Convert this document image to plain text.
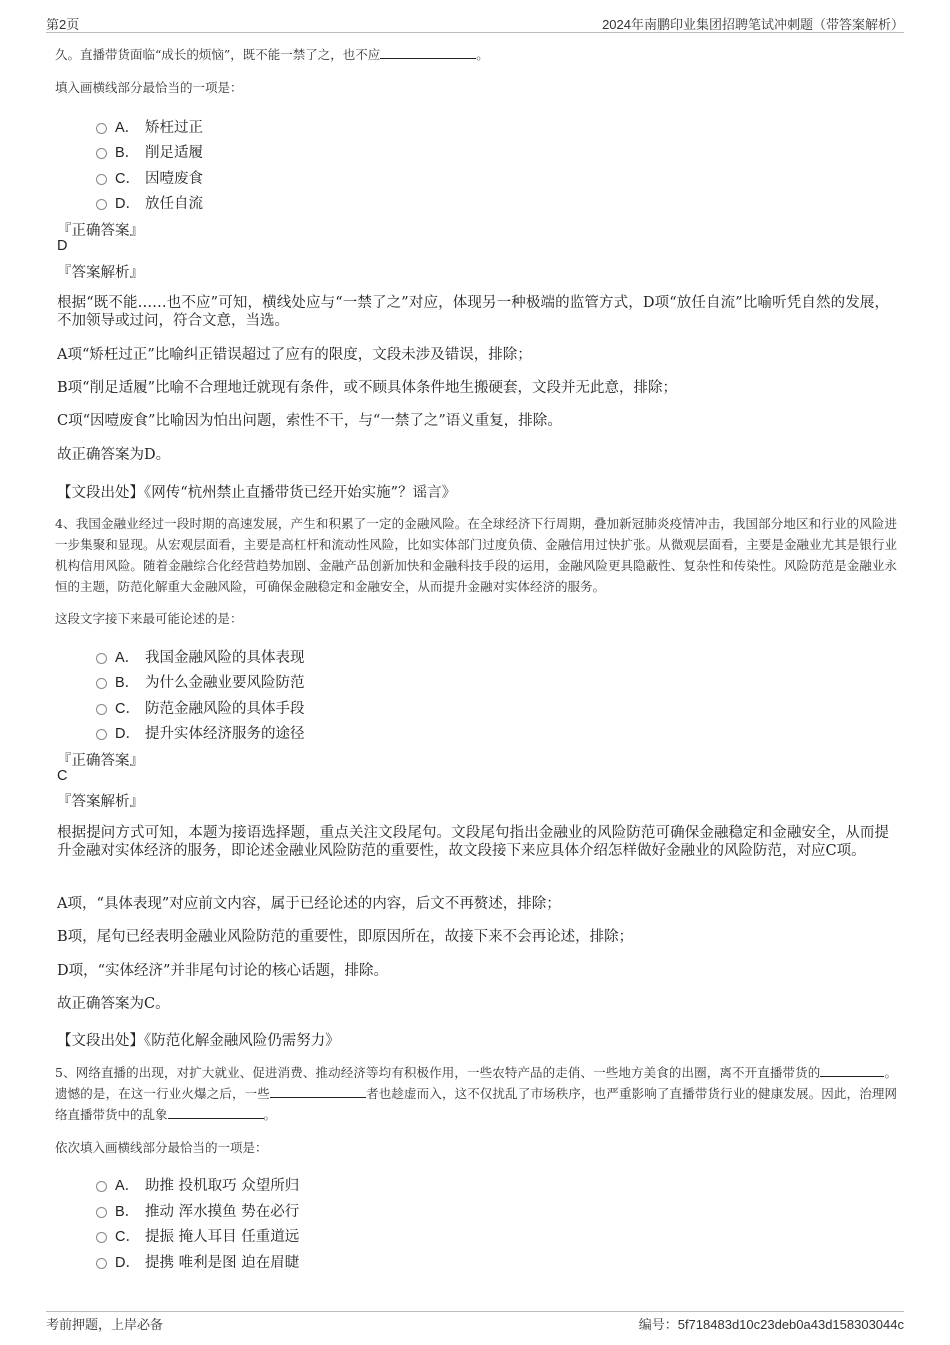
第2页	2024年南鹏印业集团招聘笔试冲刺题（带答案解析）
久。直播带货面临“成长的烦恼”，既不能一禁了之，也不应	。
填入画横线部分最恰当的一项是：
A． 矫枉过正
B． 削足适履
C． 因噎废食
D． 放任自流
『正确答案』
D
『答案解析』
根据“既不能……也不应”可知，横线处应与“一禁了之”对应，体现另一种极端的监管方式，D项“放任自流”比喻听凭自然的发展，不加领导或过问，符合文意，当选。
A项“矫枉过正”比喻纠正错误超过了应有的限度，文段未涉及错误，排除；
B项“削足适履”比喻不合理地迁就现有条件，或不顾具体条件地生搬硬套，文段并无此意，排除；
C项“因噎废食”比喻因为怕出问题，索性不干，与“一禁了之”语义重复，排除。
故正确答案为D。
【文段出处】《网传“杭州禁止直播带货已经开始实施”？谣言》
4、我国金融业经过一段时期的高速发展，产生和积累了一定的金融风险。在全球经济下行周期，叠加新冠肺炎疫情冲击，我国部分地区和行业的风险进一步集聚和显现。从宏观层面看，主要是高杠杆和流动性风险，比如实体部门过度负债、金融信用过快扩张。从微观层面看，主要是金融业尤其是银行业机构信用风险。随着金融综合化经营趋势加剧、金融产品创新加快和金融科技手段的运用，金融风险更具隐蔽性、复杂性和传染性。风险防范是金融业永恒的主题，防范化解重大金融风险，可确保金融稳定和金融安全，从而提升金融对实体经济的服务。
这段文字接下来最可能论述的是：
A． 我国金融风险的具体表现
B． 为什么金融业要风险防范
C． 防范金融风险的具体手段
D． 提升实体经济服务的途径
『正确答案』
C
『答案解析』
根据提问方式可知，本题为接语选择题，重点关注文段尾句。文段尾句指出金融业的风险防范可确保金融稳定和金融安全，从而提升金融对实体经济的服务，即论述金融业风险防范的重要性，故文段接下来应具体介绍怎样做好金融业的风险防范，对应C项。
A项，“具体表现”对应前文内容，属于已经论述的内容，后文不再赘述，排除；
B项，尾句已经表明金融业风险防范的重要性，即原因所在，故接下来不会再论述，排除；
D项，“实体经济”并非尾句讨论的核心话题，排除。
故正确答案为C。
【文段出处】《防范化解金融风险仍需努力》
5、网络直播的出现，对扩大就业、促进消费、推动经济等均有积极作用，一些农特产品的走俏、一些地方美食的出圈，离不开直播带货的	。遗憾的是，在这一行业火爆之后，一些	者也趁虚而入，这不仅扰乱了市场秩序，也严重影响了直播带货行业的健康发展。因此，治理网络直播带货中的乱象	。
依次填入画横线部分最恰当的一项是：
A． 助推 投机取巧 众望所归
B． 推动 浑水摸鱼 势在必行
C． 提振 掩人耳目 任重道远
D． 提携 唯利是图 迫在眉睫
考前押题，上岸必备	编号：5f718483d10c23deb0a43d158303044c
